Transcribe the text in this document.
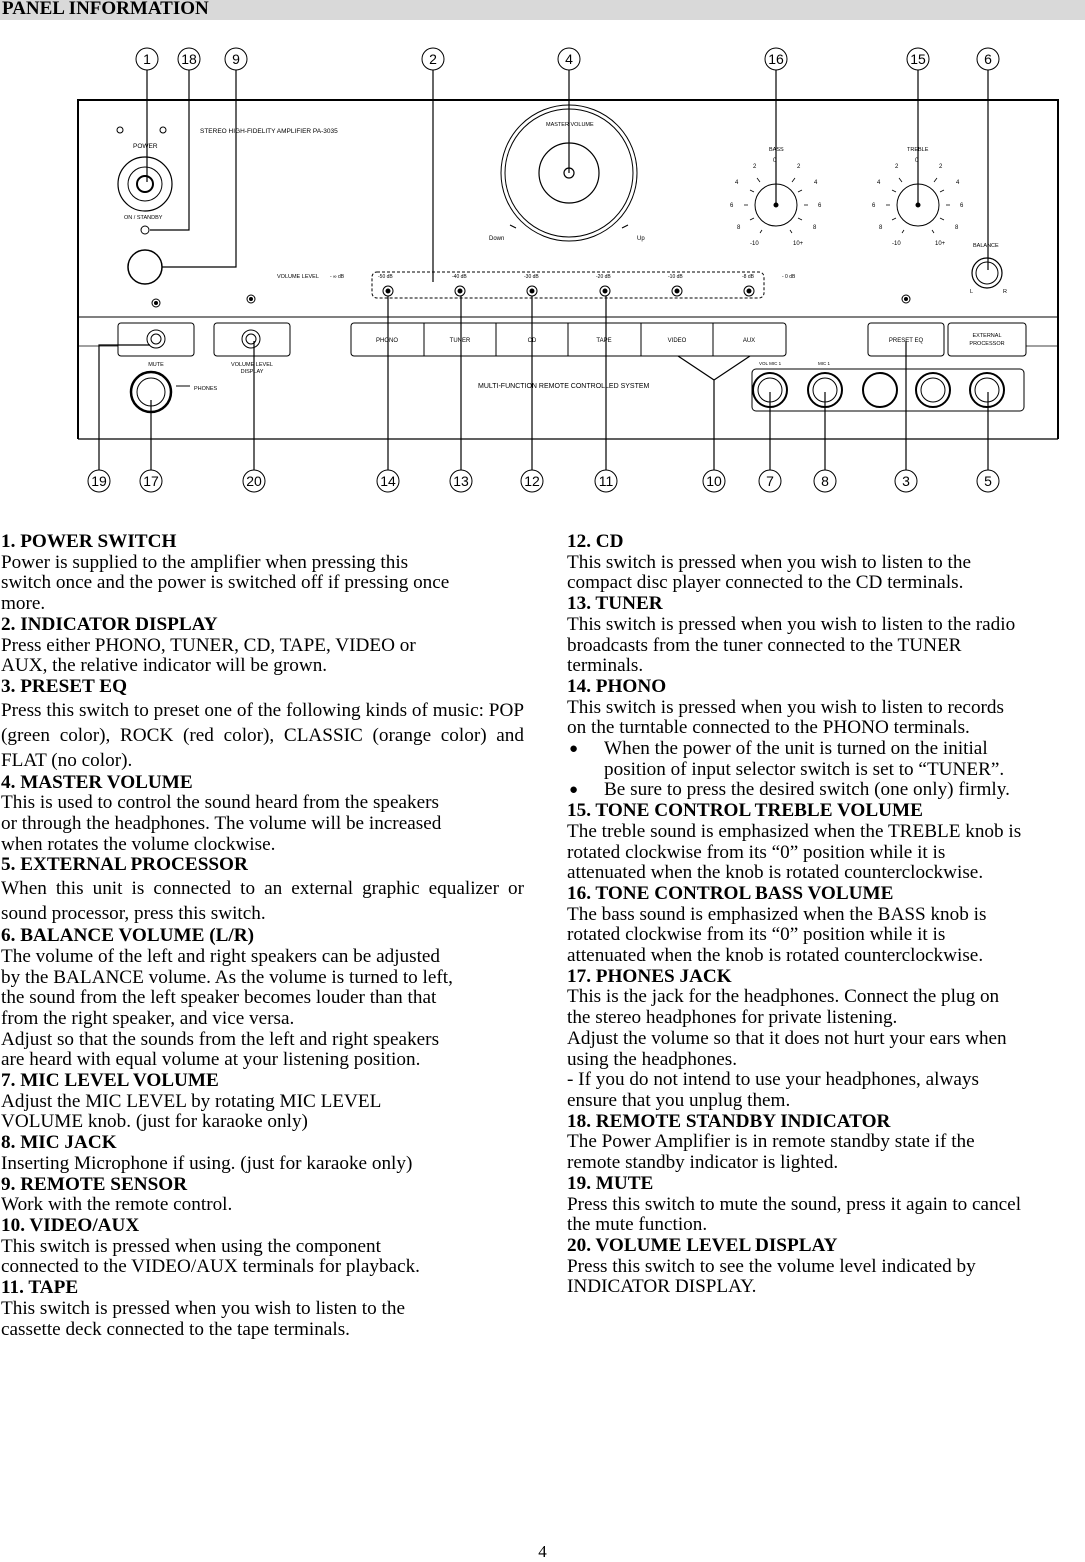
PANEL INFORMATION
STEREO HIGH-FIDELITY AMPLIFIER PA-3035
POWER
ON / STANDBY
MASTER VOLUME
Down	Up
BASS	TREBLE
BALANCE
L	R
2
0
2
4	4
6	6
8	8
-10	10+
2
0
2
4	4
6	6
8	8
-10	10+
VOLUME LEVEL - ∞ dB	-50 dB	-40 dB	-30 dB	-20 dB	-10 dB	-8 dB	- 0 dB
PHONO	TUNER	CD	TAPE	VIDEO	AUX	PRESET EQ
EXTERNAL
PROCESSOR
MUTE	VOLUME LEVEL
DISPLAY
PHONES	MULTI-FUNCTION REMOTE CONTROLLED SYSTEM
VOL MIC 1	MIC 1
1 18	9	2	4	16	15	6
19	17	20	14	13	12	11	10	7	8	3	5
1. POWER SWITCH

Power is supplied to the amplifier when pressing this

switch once and the power is switched off if pressing once

more.

2. INDICATOR DISPLAY

Press either PHONO, TUNER, CD, TAPE, VIDEO or

AUX, the relative indicator will be grown.

3. PRESET EQ

Press this switch to preset one of the following kinds of music: POP (green color), ROCK (red color), CLASSIC (orange color) and FLAT (no color).

4. MASTER VOLUME

This is used to control the sound heard from the speakers

or through the headphones. The volume will be increased

when rotates the volume clockwise.

5. EXTERNAL PROCESSOR

When this unit is connected to an external graphic equalizer or sound processor, press this switch.

6. BALANCE VOLUME (L/R)

The volume of the left and right speakers can be adjusted

by the BALANCE volume. As the volume is turned to left,

the sound from the left speaker becomes louder than that

from the right speaker, and vice versa.

Adjust so that the sounds from the left and right speakers

are heard with equal volume at your listening position.

7. MIC LEVEL VOLUME

Adjust the MIC LEVEL by rotating MIC LEVEL

VOLUME knob. (just for karaoke only)

8. MIC JACK

Inserting Microphone if using. (just for karaoke only)

9. REMOTE SENSOR

Work with the remote control.

10. VIDEO/AUX

This switch is pressed when using the component

connected to the VIDEO/AUX terminals for playback.

11. TAPE

This switch is pressed when you wish to listen to the

cassette deck connected to the tape terminals.

12. CD

This switch is pressed when you wish to listen to the

compact disc player connected to the CD terminals.

13. TUNER

This switch is pressed when you wish to listen to the radio

broadcasts from the tuner connected to the TUNER

terminals.

14. PHONO

This switch is pressed when you wish to listen to records

on the turntable connected to the PHONO terminals.

● When the power of the unit is turned on the initial

position of input selector switch is set to “TUNER”.

● Be sure to press the desired switch (one only) firmly.

15. TONE CONTROL TREBLE VOLUME

The treble sound is emphasized when the TREBLE knob is

rotated clockwise from its “0” position while it is

attenuated when the knob is rotated counterclockwise.

16. TONE CONTROL BASS VOLUME

The bass sound is emphasized when the BASS knob is

rotated clockwise from its “0” position while it is

attenuated when the knob is rotated counterclockwise.

17. PHONES JACK

This is the jack for the headphones. Connect the plug on

the stereo headphones for private listening.

Adjust the volume so that it does not hurt your ears when

using the headphones.

- If you do not intend to use your headphones, always

ensure that you unplug them.

18. REMOTE STANDBY INDICATOR

The Power Amplifier is in remote standby state if the

remote standby indicator is lighted.

19. MUTE

Press this switch to mute the sound, press it again to cancel

the mute function.

20. VOLUME LEVEL DISPLAY

Press this switch to see the volume level indicated by

INDICATOR DISPLAY.

4
